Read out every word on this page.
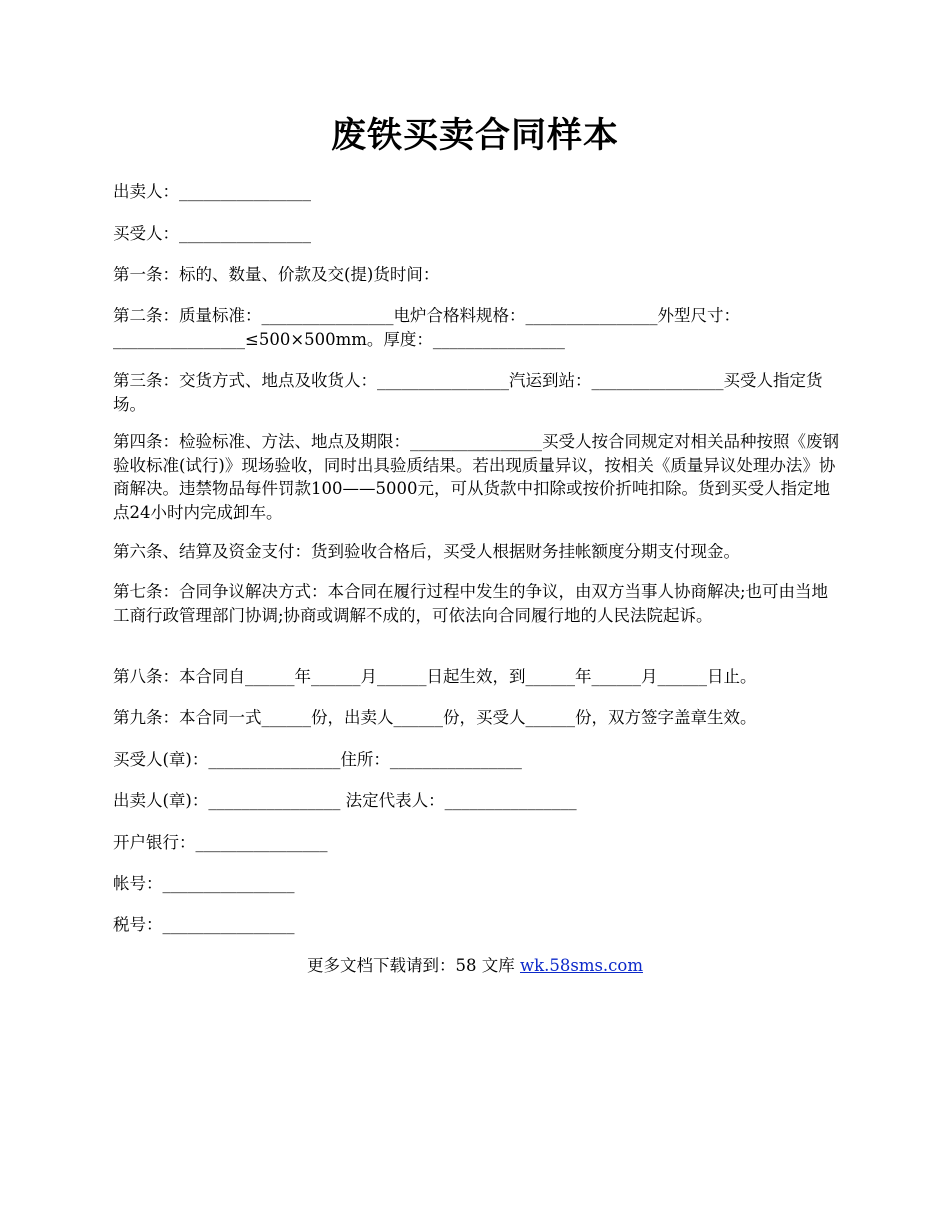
废铁买卖合同样本
出卖人：________________
买受人：________________
第一条：标的、数量、价款及交(提)货时间：
第二条：质量标准：________________电炉合格料规格：________________外型尺寸：________________≤500×500mm。厚度：________________
第三条：交货方式、地点及收货人：________________汽运到站：________________买受人指定货场。
第四条：检验标准、方法、地点及期限：________________买受人按合同规定对相关品种按照《废钢验收标准(试行)》现场验收，同时出具验质结果。若出现质量异议，按相关《质量异议处理办法》协商解决。违禁物品每件罚款100——5000元，可从货款中扣除或按价折吨扣除。货到买受人指定地点24小时内完成卸车。
第六条、结算及资金支付：货到验收合格后，买受人根据财务挂帐额度分期支付现金。
第七条：合同争议解决方式：本合同在履行过程中发生的争议，由双方当事人协商解决;也可由当地工商行政管理部门协调;协商或调解不成的，可依法向合同履行地的人民法院起诉。
第八条：本合同自______年______月______日起生效，到______年______月______日止。
第九条：本合同一式______份，出卖人______份，买受人______份，双方签字盖章生效。
买受人(章)：________________住所：________________
出卖人(章)：________________ 法定代表人：________________
开户银行：________________
帐号：________________
税号：________________
更多文档下载请到：58 文库 wk.58sms.com
